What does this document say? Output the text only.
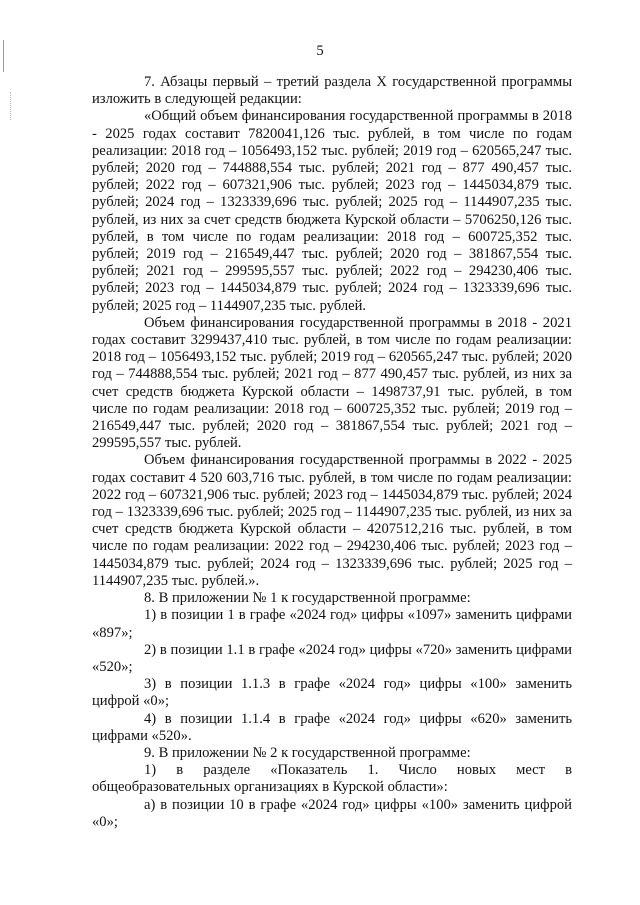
5

7. Абзацы первый – третий раздела X государственной программы изложить в следующей редакции:

«Общий объем финансирования государственной программы в 2018 - 2025 годах составит 7820041,126 тыс. рублей, в том числе по годам реализации: 2018 год – 1056493,152 тыс. рублей; 2019 год – 620565,247 тыс. рублей; 2020 год – 744888,554 тыс. рублей; 2021 год – 877 490,457 тыс. рублей; 2022 год – 607321,906 тыс. рублей; 2023 год – 1445034,879 тыс. рублей; 2024 год – 1323339,696 тыс. рублей; 2025 год – 1144907,235 тыс. рублей, из них за счет средств бюджета Курской области – 5706250,126 тыс. рублей, в том числе по годам реализации: 2018 год – 600725,352 тыс. рублей; 2019 год – 216549,447 тыс. рублей; 2020 год – 381867,554 тыс. рублей; 2021 год – 299595,557 тыс. рублей; 2022 год – 294230,406 тыс. рублей; 2023 год – 1445034,879 тыс. рублей; 2024 год – 1323339,696 тыс. рублей; 2025 год – 1144907,235 тыс. рублей.

Объем финансирования государственной программы в 2018 - 2021 годах составит 3299437,410 тыс. рублей, в том числе по годам реализации: 2018 год – 1056493,152 тыс. рублей; 2019 год – 620565,247 тыс. рублей; 2020 год – 744888,554 тыс. рублей; 2021 год – 877 490,457 тыс. рублей, из них за счет средств бюджета Курской области – 1498737,91 тыс. рублей, в том числе по годам реализации: 2018 год – 600725,352 тыс. рублей; 2019 год – 216549,447 тыс. рублей; 2020 год – 381867,554 тыс. рублей; 2021 год – 299595,557 тыс. рублей.

Объем финансирования государственной программы в 2022 - 2025 годах составит 4 520 603,716 тыс. рублей, в том числе по годам реализации: 2022 год – 607321,906 тыс. рублей; 2023 год – 1445034,879 тыс. рублей; 2024 год – 1323339,696 тыс. рублей; 2025 год – 1144907,235 тыс. рублей, из них за счет средств бюджета Курской области – 4207512,216 тыс. рублей, в том числе по годам реализации: 2022 год – 294230,406 тыс. рублей; 2023 год – 1445034,879 тыс. рублей; 2024 год – 1323339,696 тыс. рублей; 2025 год – 1144907,235 тыс. рублей.».

8. В приложении № 1 к государственной программе:

1) в позиции 1 в графе «2024 год» цифры «1097» заменить цифрами «897»;

2) в позиции 1.1 в графе «2024 год» цифры «720» заменить цифрами «520»;

3) в позиции 1.1.3 в графе «2024 год» цифры «100» заменить цифрой «0»;

4) в позиции 1.1.4 в графе «2024 год» цифры «620» заменить цифрами «520».

9. В приложении № 2 к государственной программе:

1) в разделе «Показатель 1. Число новых мест в общеобразовательных организациях в Курской области»:

а) в позиции 10 в графе «2024 год» цифры «100» заменить цифрой «0»;
